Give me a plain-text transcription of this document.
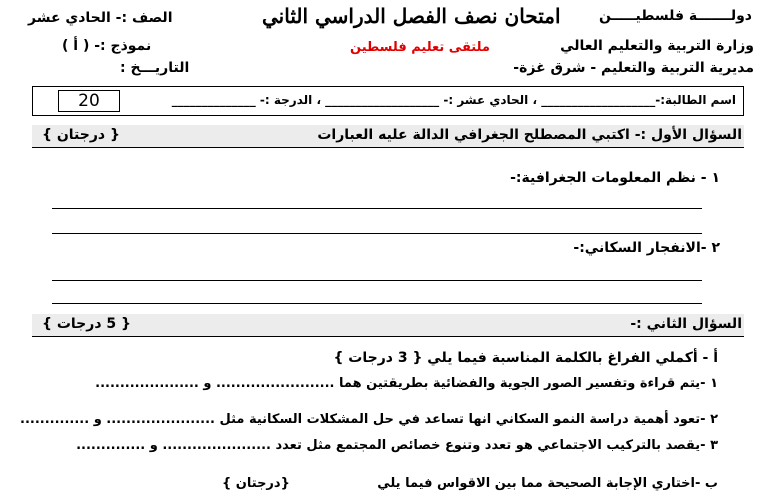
دولـــــــة فلسطيـــــن
امتحان نصف الفصل الدراسي الثاني
الصف :- الحادي عشر
وزارة التربية والتعليم العالي
ملتقى تعليم فلسطين
نموذج :- ( أ )
مديرية التربية والتعليم - شرق غزة-
التاريـــخ :
اسم الطالبة:-___________________ ، الحادي عشر :- ___________________ ، الدرجة :- ______________
20
السؤال الأول :- اكتبي المصطلح الجغرافي الدالة عليه العبارات
{ درجتان }
١ - نظم المعلومات الجغرافية:-
٢ -الانفجار السكاني:-
السؤال الثاني :-
{ 5 درجات }
أ - أكملي الفراغ بالكلمة المناسبة فيما يلي { 3 درجات }
١ -يتم قراءة وتفسير الصور الجوية والفضائية بطريقتين هما ........................ و .....................
٢ -تعود أهمية دراسة النمو السكاني انها تساعد في حل المشكلات السكانية مثل ...................... و ..............
٣ -يقصد بالتركيب الاجتماعي هو تعدد وتنوع خصائص المجتمع مثل تعدد ...................... و ..............
ب -اختاري الإجابة الصحيحة مما بين الاقواس فيما يلي
{درجتان }
